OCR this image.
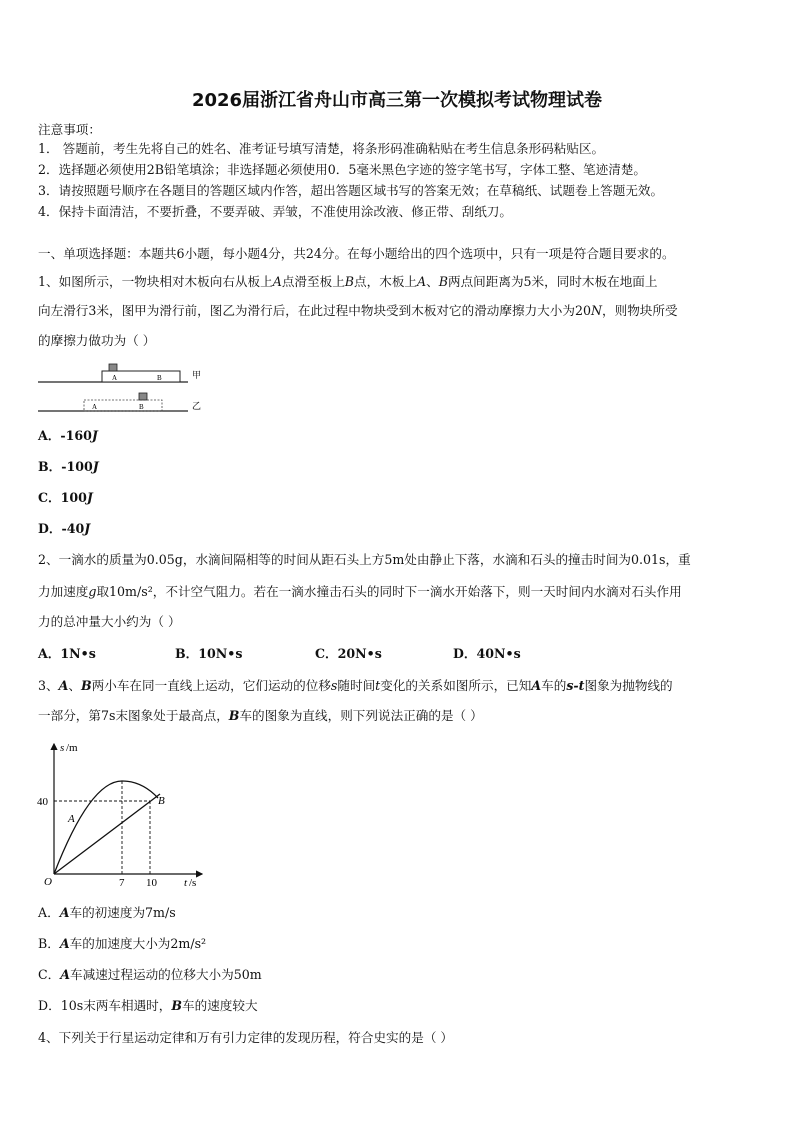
2026届浙江省舟山市高三第一次模拟考试物理试卷
注意事项：
1． 答题前，考生先将自己的姓名、准考证号填写清楚，将条形码准确粘贴在考生信息条形码粘贴区。
2．选择题必须使用2B铅笔填涂；非选择题必须使用0．5毫米黑色字迹的签字笔书写，字体工整、笔迹清楚。
3．请按照题号顺序在各题目的答题区域内作答，超出答题区域书写的答案无效；在草稿纸、试题卷上答题无效。
4．保持卡面清洁，不要折叠，不要弄破、弄皱，不准使用涂改液、修正带、刮纸刀。
一、单项选择题：本题共6小题，每小题4分，共24分。在每小题给出的四个选项中，只有一项是符合题目要求的。
1、如图所示，一物块相对木板向右从板上A点滑至板上B点，木板上A、B两点间距离为5米，同时木板在地面上
向左滑行3米，图甲为滑行前，图乙为滑行后，在此过程中物块受到木板对它的滑动摩擦力大小为20N，则物块所受
的摩擦力做功为（ ）
A	B	甲
A	B	乙
A．-160J
B．-100J
C．100J
D．-40J
2、一滴水的质量为0.05g，水滴间隔相等的时间从距石头上方5m处由静止下落，水滴和石头的撞击时间为0.01s，重
力加速度g取10m/s²，不计空气阻力。若在一滴水撞击石头的同时下一滴水开始落下，则一天时间内水滴对石头作用
力的总冲量大小约为（ ）
A．1N•s	B．10N•s	C．20N•s	D．40N•s
3、A、B两小车在同一直线上运动，它们运动的位移s随时间t变化的关系如图所示，已知A车的s-t图象为抛物线的
一部分，第7s末图象处于最高点，B车的图象为直线，则下列说法正确的是（ ）
s /m
t /s
O
40
7 10
A
B
A．A车的初速度为7m/s
B．A车的加速度大小为2m/s²
C．A车减速过程运动的位移大小为50m
D．10s末两车相遇时，B车的速度较大
4、下列关于行星运动定律和万有引力定律的发现历程，符合史实的是（ ）
